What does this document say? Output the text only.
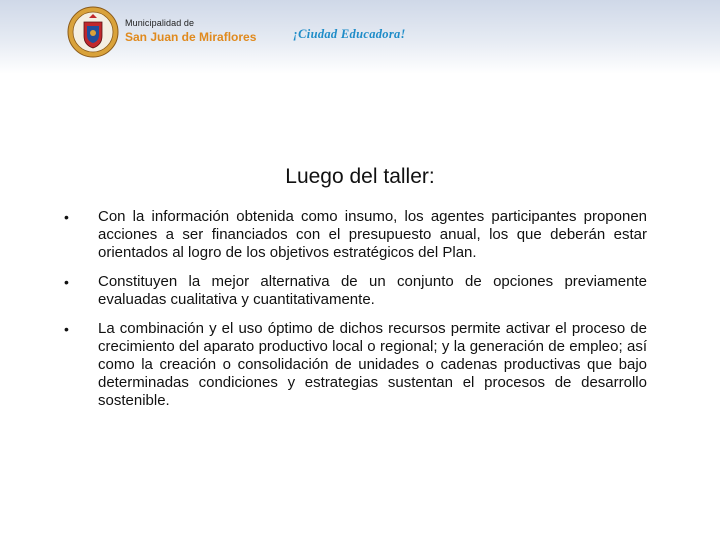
Municipalidad de
San Juan de Miraflores	¡Ciudad Educadora!
Luego del taller:
• Con la información obtenida como insumo, los agentes participantes proponen acciones a ser financiados con el presupuesto anual, los que deberán estar orientados al logro de los objetivos estratégicos del Plan.
• Constituyen la mejor alternativa de un conjunto de opciones previamente evaluadas cualitativa y cuantitativamente.
• La combinación y el uso óptimo de dichos recursos permite activar el proceso de crecimiento del aparato productivo local o regional; y la generación de empleo; así como la creación o consolidación de unidades o cadenas productivas que bajo determinadas condiciones y estrategias sustentan el procesos de desarrollo sostenible.
